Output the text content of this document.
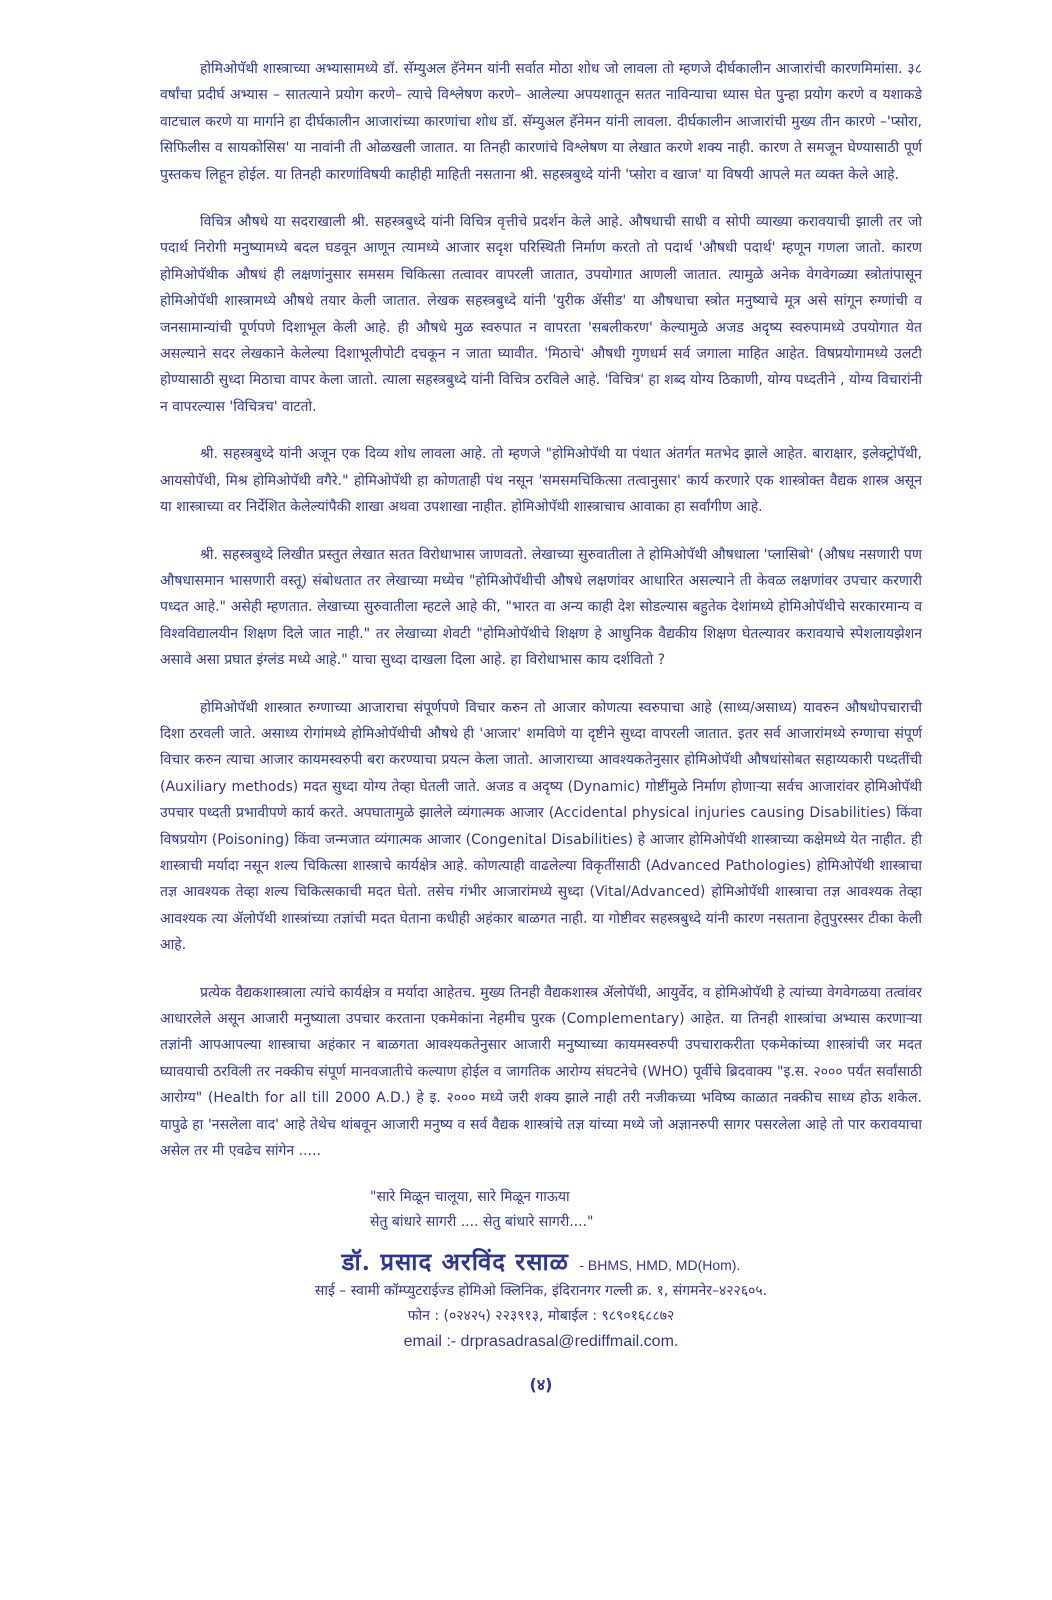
होमिओपॅथी शास्त्राच्या अभ्यासामध्ये डॉ. सॅम्युअल हॅनेमन यांनी सर्वात मोठा शोध जो लावला तो म्हणजे दीर्घकालीन आजारांची कारणमिमांसा. ३८ वर्षांचा प्रदीर्घ अभ्यास – सातत्याने प्रयोग करणे– त्याचे विश्लेषण करणे– आलेल्या अपयशातून सतत नाविन्याचा ध्यास घेत पुन्हा प्रयोग करणे व यशाकडे वाटचाल करणे या मार्गाने हा दीर्घकालीन आजारांच्या कारणांचा शोध डॉ. सॅम्युअल हॅनेमन यांनी लावला. दीर्घकालीन आजारांची मुख्य तीन कारणे –'प्सोरा, सिफिलीस व सायकोसिस' या नावांनी ती ओळखली जातात. या तिनही कारणांचे विश्लेषण या लेखात करणे शक्य नाही. कारण ते समजून घेण्यासाठी पूर्ण पुस्तकच लिहून होईल. या तिनही कारणांविषयी काहीही माहिती नसताना श्री. सहस्त्रबुध्दे यांनी 'प्सोरा व खाज' या विषयी आपले मत व्यक्त केले आहे.

विचित्र औषधे या सदराखाली श्री. सहस्त्रबुध्दे यांनी विचित्र वृत्तीचे प्रदर्शन केले आहे. औषधाची साधी व सोपी व्याख्या करावयाची झाली तर जो पदार्थ निरोगी मनुष्यामध्ये बदल घडवून आणून त्यामध्ये आजार सदृश परिस्थिती निर्माण करतो तो पदार्थ 'औषधी पदार्थ' म्हणून गणला जातो. कारण होमिओपॅथीक औषधं ही लक्षणांनुसार समसम चिकित्सा तत्वावर वापरली जातात, उपयोगात आणली जातात. त्यामुळे अनेक वेगवेगळ्या स्त्रोतांपासून होमिओपॅथी शास्त्रामध्ये औषधे तयार केली जातात. लेखक सहस्त्रबुध्दे यांनी 'युरीक ॲसीड' या औषधाचा स्त्रोत मनुष्याचे मूत्र असे सांगून रुग्णांची व जनसामान्यांची पूर्णपणे दिशाभूल केली आहे. ही औषधे मुळ स्वरुपात न वापरता 'सबलीकरण' केल्यामुळे अजड अदृष्य स्वरुपामध्ये उपयोगात येत असल्याने सदर लेखकाने केलेल्या दिशाभूलीपोटी दचकून न जाता घ्यावीत. 'मिठाचे' औषधी गुणधर्म सर्व जगाला माहित आहेत. विषप्रयोगामध्ये उलटी होण्यासाठी सुध्दा मिठाचा वापर केला जातो. त्याला सहस्त्रबुध्दे यांनी विचित्र ठरविले आहे. 'विचित्र' हा शब्द योग्य ठिकाणी, योग्य पध्दतीने , योग्य विचारांनी न वापरल्यास 'विचित्रच' वाटतो.

श्री. सहस्त्रबुध्दे यांनी अजून एक दिव्य शोध लावला आहे. तो म्हणजे "होमिओपॅथी या पंथात अंतर्गत मतभेद झाले आहेत. बाराक्षार, इलेक्ट्रोपॅथी, आयसोपॅथी, मिश्र होमिओपॅथी वगैरे." होमिओपॅथी हा कोणताही पंथ नसून 'समसमचिकित्सा तत्वानुसार' कार्य करणारे एक शास्त्रोक्त वैद्यक शास्त्र असून या शास्त्राच्या वर निर्देशित केलेल्यांपैकी शाखा अथवा उपशाखा नाहीत. होमिओपॅथी शास्त्राचाच आवाका हा सर्वांगीण आहे.

श्री. सहस्त्रबुध्दे लिखीत प्रस्तुत लेखात सतत विरोधाभास जाणवतो. लेखाच्या सुरुवातीला ते होमिओपॅथी औषधाला 'प्लासिबो' (औषध नसणारी पण औषधासमान भासणारी वस्तू) संबोधतात तर लेखाच्या मध्येच "होमिओपॅथीची औषधे लक्षणांवर आधारित असल्याने ती केवळ लक्षणांवर उपचार करणारी पध्दत आहे." असेही म्हणतात. लेखाच्या सुरुवातीला म्हटले आहे की, "भारत वा अन्य काही देश सोडल्यास बहुतेक देशांमध्ये होमिओपॅथीचे सरकारमान्य व विश्वविद्यालयीन शिक्षण दिले जात नाही." तर लेखाच्या शेवटी "होमिओपॅथीचे शिक्षण हे आधुनिक वैद्यकीय शिक्षण घेतल्यावर करावयाचे स्पेशलायझेशन असावे असा प्रघात इंग्लंड मध्ये आहे." याचा सुध्दा दाखला दिला आहे. हा विरोधाभास काय दर्शवितो ?

होमिओपॅथी शास्त्रात रुग्णाच्या आजाराचा संपूर्णपणे विचार करुन तो आजार कोणत्या स्वरुपाचा आहे (साध्य/असाध्य) यावरुन औषधोपचाराची दिशा ठरवली जाते. असाध्य रोगांमध्ये होमिओपॅथीची औषधे ही 'आजार' शमविणे या दृष्टीने सुध्दा वापरली जातात. इतर सर्व आजारांमध्ये रुग्णाचा संपूर्ण विचार करुन त्याचा आजार कायमस्वरुपी बरा करण्याचा प्रयत्न केला जातो. आजाराच्या आवश्यकतेनुसार होमिओपॅथी औषधांसोबत सहाय्यकारी पध्दतींची (Auxiliary methods) मदत सुध्दा योग्य तेव्हा घेतली जाते. अजड व अदृष्य (Dynamic) गोष्टींमुळे निर्माण होणाऱ्या सर्वच आजारांवर होमिओपॅथी उपचार पध्दती प्रभावीपणे कार्य करते. अपघातामुळे झालेले व्यंगात्मक आजार (Accidental physical injuries causing Disabilities) किंवा विषप्रयोग (Poisoning) किंवा जन्मजात व्यंगात्मक आजार (Congenital Disabilities) हे आजार होमिओपॅथी शास्त्राच्या कक्षेमध्ये येत नाहीत. ही शास्त्राची मर्यादा नसून शल्य चिकित्सा शास्त्राचे कार्यक्षेत्र आहे. कोणत्याही वाढलेल्या विकृतींसाठी (Advanced Pathologies) होमिओपॅथी शास्त्राचा तज्ञ आवश्यक तेव्हा शल्य चिकित्सकाची मदत घेतो. तसेच गंभीर आजारांमध्ये सुध्दा (Vital/Advanced) होमिओपॅथी शास्त्राचा तज्ञ आवश्यक तेव्हा आवश्यक त्या ॲलोपॅथी शास्त्रांच्या तज्ञांची मदत घेताना कधीही अहंकार बाळगत नाही. या गोष्टीवर सहस्त्रबुध्दे यांनी कारण नसताना हेतुपुरस्सर टीका केली आहे.

प्रत्येक वैद्यकशास्त्राला त्यांचे कार्यक्षेत्र व मर्यादा आहेतच. मुख्य तिनही वैद्यकशास्त्र ॲलोपॅथी, आयुर्वेद, व होमिओपॅथी हे त्यांच्या वेगवेगळया तत्वांवर आधारलेले असून आजारी मनुष्याला उपचार करताना एकमेकांना नेहमीच पुरक (Complementary) आहेत. या तिनही शास्त्रांचा अभ्यास करणाऱ्या तज्ञांनी आपआपल्या शास्त्राचा अहंकार न बाळगता आवश्यकतेनुसार आजारी मनुष्याच्या कायमस्वरुपी उपचाराकरीता एकमेकांच्या शास्त्रांची जर मदत घ्यावयाची ठरविली तर नक्कीच संपूर्ण मानवजातीचे कल्याण होईल व जागतिक आरोग्य संघटनेचे (WHO) पूर्वीचे ब्रिदवाक्य "इ.स. २००० पर्यंत सर्वांसाठी आरोग्य" (Health for all till 2000 A.D.) हे इ. २००० मध्ये जरी शक्य झाले नाही तरी नजीकच्या भविष्य काळात नक्कीच साध्य होऊ शकेल. यापुढे हा 'नसलेला वाद' आहे तेथेच थांबवून आजारी मनुष्य व सर्व वैद्यक शास्त्रांचे तज्ञ यांच्या मध्ये जो अज्ञानरुपी सागर पसरलेला आहे तो पार करावयाचा असेल तर मी एवढेच सांगेन .....

"सारे मिळून चालूया, सारे मिळून गाऊया
सेतु बांधारे सागरी .... सेतु बांधारे सागरी...."
डॉ. प्रसाद अरविंद रसाळ - BHMS, HMD, MD(Hom).

साई – स्वामी कॉम्प्युटराईज्ड होमिओ क्लिनिक, इंदिरानगर गल्ली क्र. १, संगमनेर–४२२६०५.

फोन : (०२४२५) २२३९१३, मोबाईल : ९८९०१६८८७२

email :- drprasadrasal@rediffmail.com.

(४)
